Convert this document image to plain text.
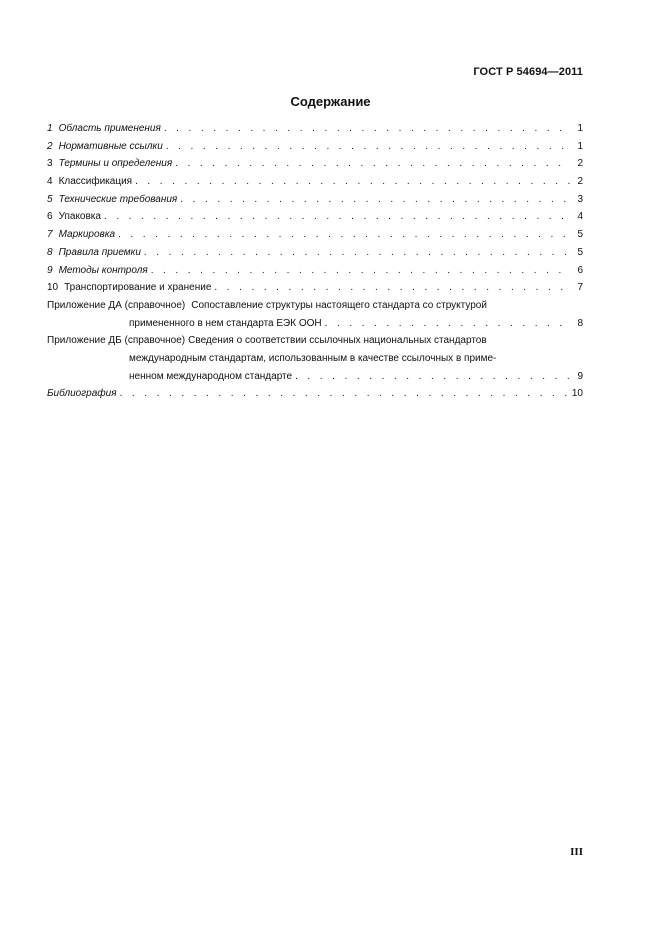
ГОСТ Р 54694—2011
Содержание
1 Область применения . . .	1
2 Нормативные ссылки . . .	1
3 Термины и определения . . .	2
4 Классификация . . .	2
5 Технические требования . . .	3
6 Упаковка . . .	4
7 Маркировка . . .	5
8 Правила приемки . . .	5
9 Методы контроля . . .	6
10 Транспортирование и хранение . . .	7
Приложение ДА (справочное) Сопоставление структуры настоящего стандарта со структурой
примененного в нем стандарта ЕЭК ООН . . .	8
Приложение ДБ (справочное) Сведения о соответствии ссылочных национальных стандартов
международным стандартам, использованным в качестве ссылочных в приме-
ненном международном стандарте . . .	9
Библиография . . .	10
III
